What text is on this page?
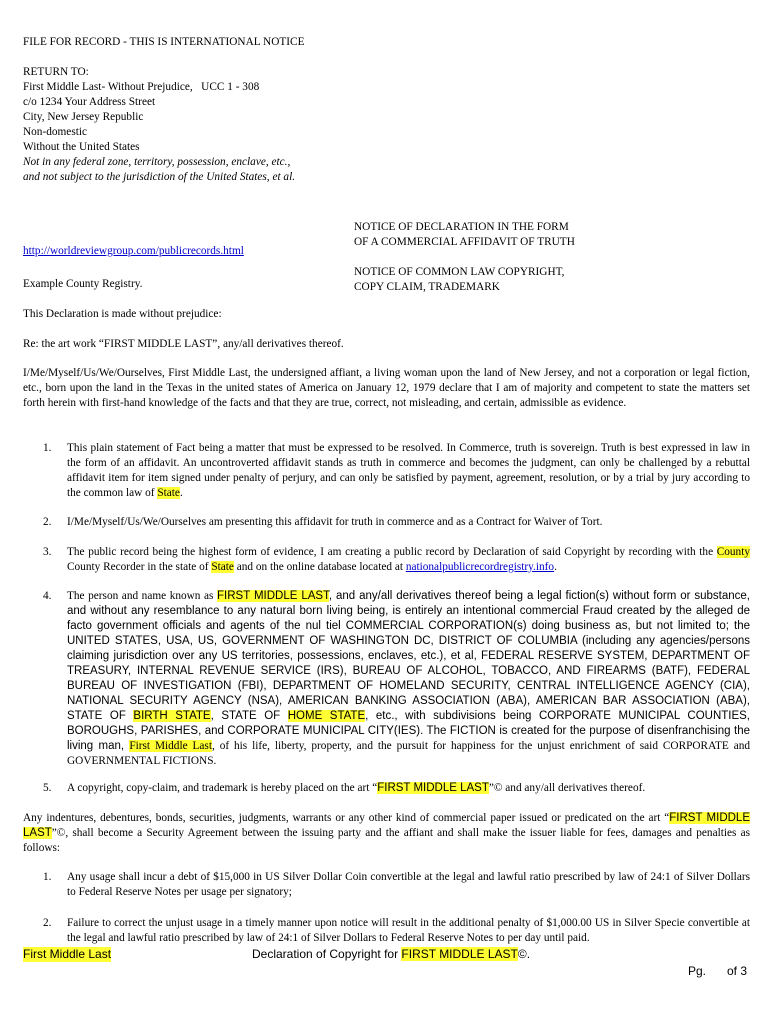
FILE FOR RECORD - THIS IS INTERNATIONAL NOTICE

RETURN TO:

First Middle Last- Without Prejudice,   UCC 1 - 308

c/o 1234 Your Address Street

City, New Jersey Republic

Non-domestic

Without the United States

Not in any federal zone, territory, possession, enclave, etc.,

and not subject to the jurisdiction of the United States, et al.

NOTICE OF DECLARATION IN THE FORM

OF A COMMERCIAL AFFIDAVIT OF TRUTH

NOTICE OF COMMON LAW COPYRIGHT,

COPY CLAIM, TRADEMARK

http://worldreviewgroup.com/publicrecords.html

Example County Registry.

This Declaration is made without prejudice:

Re: the art work “FIRST MIDDLE LAST”, any/all derivatives thereof.

I/Me/Myself/Us/We/Ourselves, First Middle Last, the undersigned affiant, a living woman upon the land of New Jersey, and not a corporation or legal fiction, etc., born upon the land in the Texas in the united states of America on January 12, 1979 declare that I am of majority and competent to state the matters set forth herein with first-hand knowledge of the facts and that they are true, correct, not misleading, and certain, admissible as evidence.

1.	This plain statement of Fact being a matter that must be expressed to be resolved. In Commerce, truth is sovereign. Truth is best expressed in law in the form of an affidavit. An uncontroverted affidavit stands as truth in commerce and becomes the judgment, can only be challenged by a rebuttal affidavit item for item signed under penalty of perjury, and can only be satisfied by payment, agreement, resolution, or by a trial by jury according to the common law of State.

2.	I/Me/Myself/Us/We/Ourselves am presenting this affidavit for truth in commerce and as a Contract for Waiver of Tort.

3.	The public record being the highest form of evidence, I am creating a public record by Declaration of said Copyright by recording with the County County Recorder in the state of State and on the online database located at nationalpublicrecordregistry.info.

4.	The person and name known as FIRST MIDDLE LAST, and any/all derivatives thereof being a legal fiction(s) without form or substance, and without any resemblance to any natural born living being, is entirely an intentional commercial Fraud created by the alleged de facto government officials and agents of the nul tiel COMMERCIAL CORPORATION(s) doing business as, but not limited to; the UNITED STATES, USA, US, GOVERNMENT OF WASHINGTON DC, DISTRICT OF COLUMBIA (including any agencies/persons claiming jurisdiction over any US territories, possessions, enclaves, etc.), et al, FEDERAL RESERVE SYSTEM, DEPARTMENT OF TREASURY, INTERNAL REVENUE SERVICE (IRS), BUREAU OF ALCOHOL, TOBACCO, AND FIREARMS (BATF), FEDERAL BUREAU OF INVESTIGATION (FBI), DEPARTMENT OF HOMELAND SECURITY, CENTRAL INTELLIGENCE AGENCY (CIA), NATIONAL SECURITY AGENCY (NSA), AMERICAN BANKING ASSOCIATION (ABA), AMERICAN BAR ASSOCIATION (ABA), STATE OF BIRTH STATE, STATE OF HOME STATE, etc., with subdivisions being CORPORATE MUNICIPAL COUNTIES, BOROUGHS, PARISHES, and CORPORATE MUNICIPAL CITY(IES). The FICTION is created for the purpose of disenfranchising the living man, First Middle Last, of his life, liberty, property, and the pursuit for happiness for the unjust enrichment of said CORPORATE and GOVERNMENTAL FICTIONS.

5.	A copyright, copy-claim, and trademark is hereby placed on the art “FIRST MIDDLE LAST”© and any/all derivatives thereof.

Any indentures, debentures, bonds, securities, judgments, warrants or any other kind of commercial paper issued or predicated on the art “FIRST MIDDLE LAST”©, shall become a Security Agreement between the issuing party and the affiant and shall make the issuer liable for fees, damages and penalties as follows:

1.	Any usage shall incur a debt of $15,000 in US Silver Dollar Coin convertible at the legal and lawful ratio prescribed by law of 24:1 of Silver Dollars to Federal Reserve Notes per usage per signatory;

2.	Failure to correct the unjust usage in a timely manner upon notice will result in the additional penalty of $1,000.00 US in Silver Specie convertible at the legal and lawful ratio prescribed by law of 24:1 of Silver Dollars to Federal Reserve Notes to per day until paid.

First Middle Last	Declaration of Copyright for FIRST MIDDLE LAST©.

Pg. of 3
